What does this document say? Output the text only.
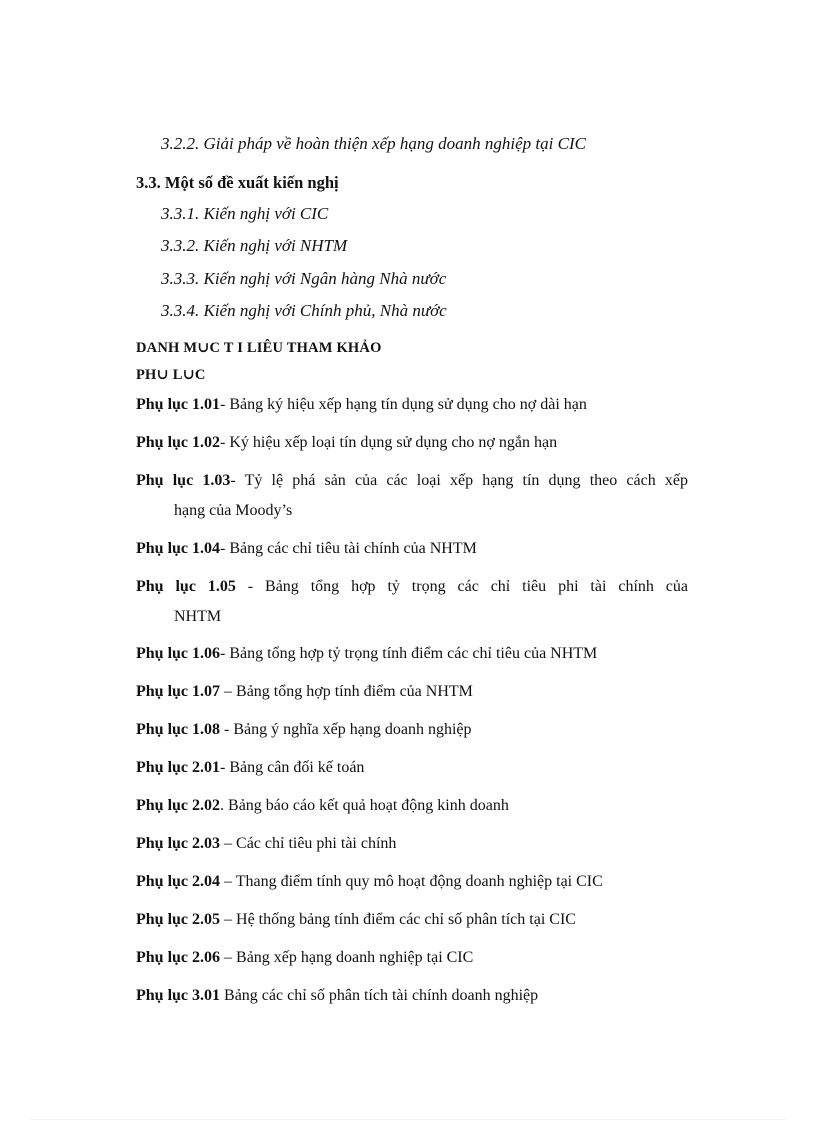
3.2.2. Giải pháp về hoàn thiện xếp hạng doanh nghiệp tại CIC
3.3. Một số đề xuất kiến nghị
3.3.1. Kiến nghị với CIC
3.3.2. Kiến nghị với NHTM
3.3.3. Kiến nghị với Ngân hàng Nhà nước
3.3.4. Kiến nghị với Chính phủ, Nhà nước
DANH M∪C T I LIÊU THAM KHẢO
PH∪ L∪C
Phụ lục 1.01- Bảng ký hiệu xếp hạng tín dụng sử dụng cho nợ dài hạn
Phụ lục 1.02- Ký hiệu xếp loại tín dụng sử dụng cho nợ ngắn hạn
Phụ lục 1.03- Tỷ lệ phá sản của các loại xếp hạng tín dụng theo cách xếp
hạng của Moody’s
Phụ lục 1.04- Bảng các chỉ tiêu tài chính của NHTM
Phụ lục 1.05 - Bảng tổng hợp tỷ trọng các chỉ tiêu phi tài chính của
NHTM
Phụ lục 1.06- Bảng tổng hợp tỷ trọng tính điểm các chỉ tiêu của NHTM
Phụ lục 1.07 – Bảng tổng hợp tính điểm của NHTM
Phụ lục 1.08 - Bảng ý nghĩa xếp hạng doanh nghiệp
Phụ lục 2.01- Bảng cân đối kế toán
Phụ lục 2.02. Bảng báo cáo kết quả hoạt động kinh doanh
Phụ lục 2.03 – Các chỉ tiêu phi tài chính
Phụ lục 2.04 – Thang điểm tính quy mô hoạt động doanh nghiệp tại CIC
Phụ lục 2.05 – Hệ thống bảng tính điểm các chỉ số phân tích tại CIC
Phụ lục 2.06 – Bảng xếp hạng doanh nghiệp tại CIC
Phụ lục 3.01 Bảng các chỉ số phân tích tài chính doanh nghiệp
